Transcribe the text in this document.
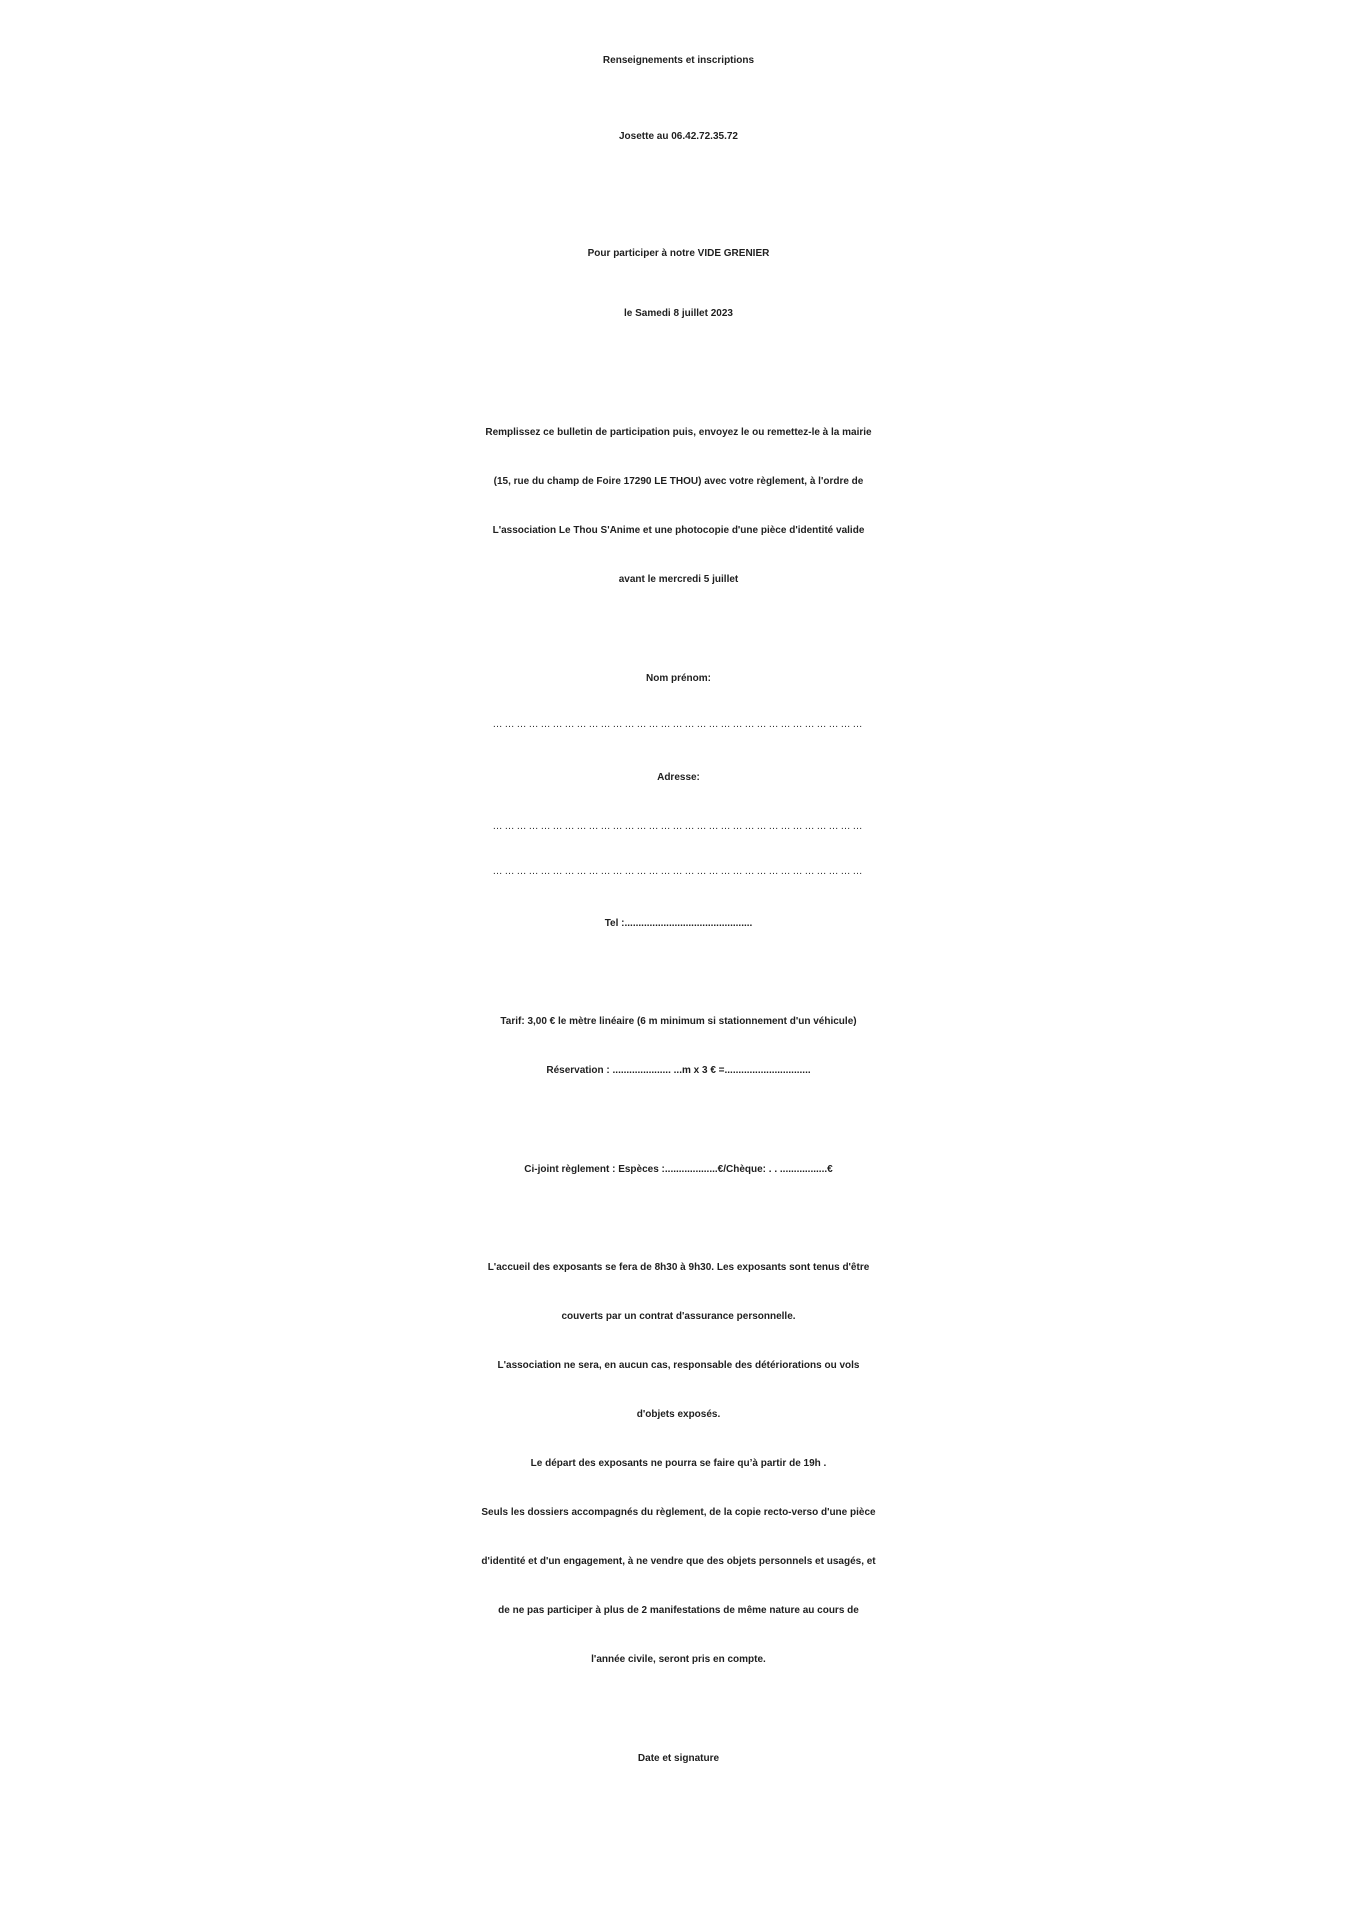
Renseignements et inscriptions
Josette au 06.42.72.35.72
Pour participer à notre VIDE GRENIER
le Samedi 8 juillet 2023
Remplissez ce bulletin de participation puis, envoyez le ou remettez-le à la mairie
(15, rue du champ de Foire 17290 LE THOU) avec votre règlement, à l'ordre de
L'association Le Thou S'Anime et une photocopie d'une pièce d'identité valide
avant le mercredi 5 juillet
Nom prénom:
…………………………………………………………………………………
Adresse:
…………………………………………………………………………………
…………………………………………………………………………………
Tel :..............................................
Tarif: 3,00 € le mètre linéaire (6 m minimum si stationnement d'un véhicule)
Réservation : ..................... ...m x 3 € =...............................
Ci-joint règlement : Espèces :...................€/Chèque: . . .................€
L'accueil des exposants se fera de 8h30 à 9h30. Les exposants sont tenus d'être
couverts par un contrat d'assurance personnelle.
L'association ne sera, en aucun cas, responsable des détériorations ou vols
d'objets exposés.
Le départ des exposants ne pourra se faire qu’à partir de 19h .
Seuls les dossiers accompagnés du règlement, de la copie recto-verso d'une pièce
d'identité et d'un engagement, à ne vendre que des objets personnels et usagés, et
de ne pas participer à plus de 2 manifestations de même nature au cours de
l'année civile, seront pris en compte.
Date et signature
